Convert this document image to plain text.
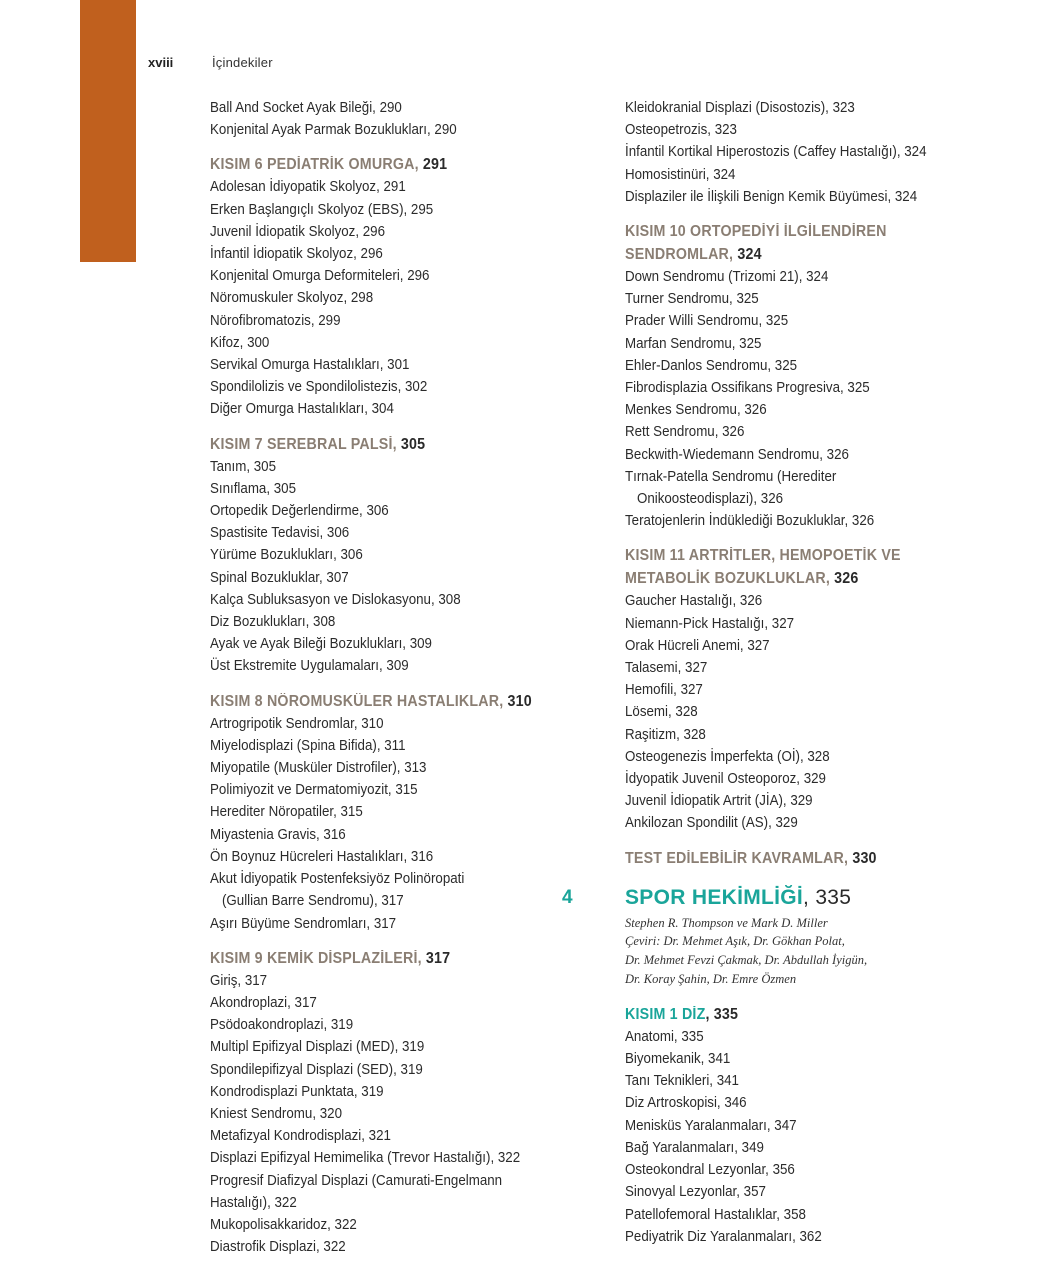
xviii	İçindekiler
Ball And Socket Ayak Bileği, 290
Konjenital Ayak Parmak Bozuklukları, 290
KISIM 6 PEDİATRİK OMURGA, 291
Adolesan İdiyopatik Skolyoz, 291
Erken Başlangıçlı Skolyoz (EBS), 295
Juvenil İdiopatik Skolyoz, 296
İnfantil İdiopatik Skolyoz, 296
Konjenital Omurga Deformiteleri, 296
Nöromuskuler Skolyoz, 298
Nörofibromatozis, 299
Kifoz, 300
Servikal Omurga Hastalıkları, 301
Spondilolizis ve Spondilolistezis, 302
Diğer Omurga Hastalıkları, 304
KISIM 7 SEREBRAL PALSİ, 305
Tanım, 305
Sınıflama, 305
Ortopedik Değerlendirme, 306
Spastisite Tedavisi, 306
Yürüme Bozuklukları, 306
Spinal Bozukluklar, 307
Kalça Subluksasyon ve Dislokasyonu, 308
Diz Bozuklukları, 308
Ayak ve Ayak Bileği Bozuklukları, 309
Üst Ekstremite Uygulamaları, 309
KISIM 8 NÖROMUSKÜLER HASTALIKLAR, 310
Artrogripotik Sendromlar, 310
Miyelodisplazi (Spina Bifida), 311
Miyopatile (Musküler Distrofiler), 313
Polimiyozit ve Dermatomiyozit, 315
Herediter Nöropatiler, 315
Miyastenia Gravis, 316
Ön Boynuz Hücreleri Hastalıkları, 316
Akut İdiyopatik Postenfeksiyöz Polinöropati
(Gullian Barre Sendromu), 317
Aşırı Büyüme Sendromları, 317
KISIM 9 KEMİK DİSPLAZİLERİ, 317
Giriş, 317
Akondroplazi, 317
Psödoakondroplazi, 319
Multipl Epifizyal Displazi (MED), 319
Spondilepifizyal Displazi (SED), 319
Kondrodisplazi Punktata, 319
Kniest Sendromu, 320
Metafizyal Kondrodisplazi, 321
Displazi Epifizyal Hemimelika (Trevor Hastalığı), 322
Progresif Diafizyal Displazi (Camurati-Engelmann
Hastalığı), 322
Mukopolisakkaridoz, 322
Diastrofik Displazi, 322
Kleidokranial Displazi (Disostozis), 323
Osteopetrozis, 323
İnfantil Kortikal Hiperostozis (Caffey Hastalığı), 324
Homosistinüri, 324
Displaziler ile İlişkili Benign Kemik Büyümesi, 324
KISIM 10 ORTOPEDİYİ İLGİLENDİREN
SENDROMLAR, 324
Down Sendromu (Trizomi 21), 324
Turner Sendromu, 325
Prader Willi Sendromu, 325
Marfan Sendromu, 325
Ehler-Danlos Sendromu, 325
Fibrodisplazia Ossifikans Progresiva, 325
Menkes Sendromu, 326
Rett Sendromu, 326
Beckwith-Wiedemann Sendromu, 326
Tırnak-Patella Sendromu (Herediter
Onikoosteodisplazi), 326
Teratojenlerin İndüklediği Bozukluklar, 326
KISIM 11 ARTRİTLER, HEMOPOETİK VE
METABOLİK BOZUKLUKLAR, 326
Gaucher Hastalığı, 326
Niemann-Pick Hastalığı, 327
Orak Hücreli Anemi, 327
Talasemi, 327
Hemofili, 327
Lösemi, 328
Raşitizm, 328
Osteogenezis İmperfekta (Oİ), 328
İdyopatik Juvenil Osteoporoz, 329
Juvenil İdiopatik Artrit (JİA), 329
Ankilozan Spondilit (AS), 329
TEST EDİLEBİLİR KAVRAMLAR, 330
SPOR HEKİMLİĞİ, 335
Stephen R. Thompson ve Mark D. Miller
Çeviri: Dr. Mehmet Aşık, Dr. Gökhan Polat,
Dr. Mehmet Fevzi Çakmak, Dr. Abdullah İyigün,
Dr. Koray Şahin, Dr. Emre Özmen
KISIM 1 DİZ, 335
Anatomi, 335
Biyomekanik, 341
Tanı Teknikleri, 341
Diz Artroskopisi, 346
Menisküs Yaralanmaları, 347
Bağ Yaralanmaları, 349
Osteokondral Lezyonlar, 356
Sinovyal Lezyonlar, 357
Patellofemoral Hastalıklar, 358
Pediyatrik Diz Yaralanmaları, 362
4
